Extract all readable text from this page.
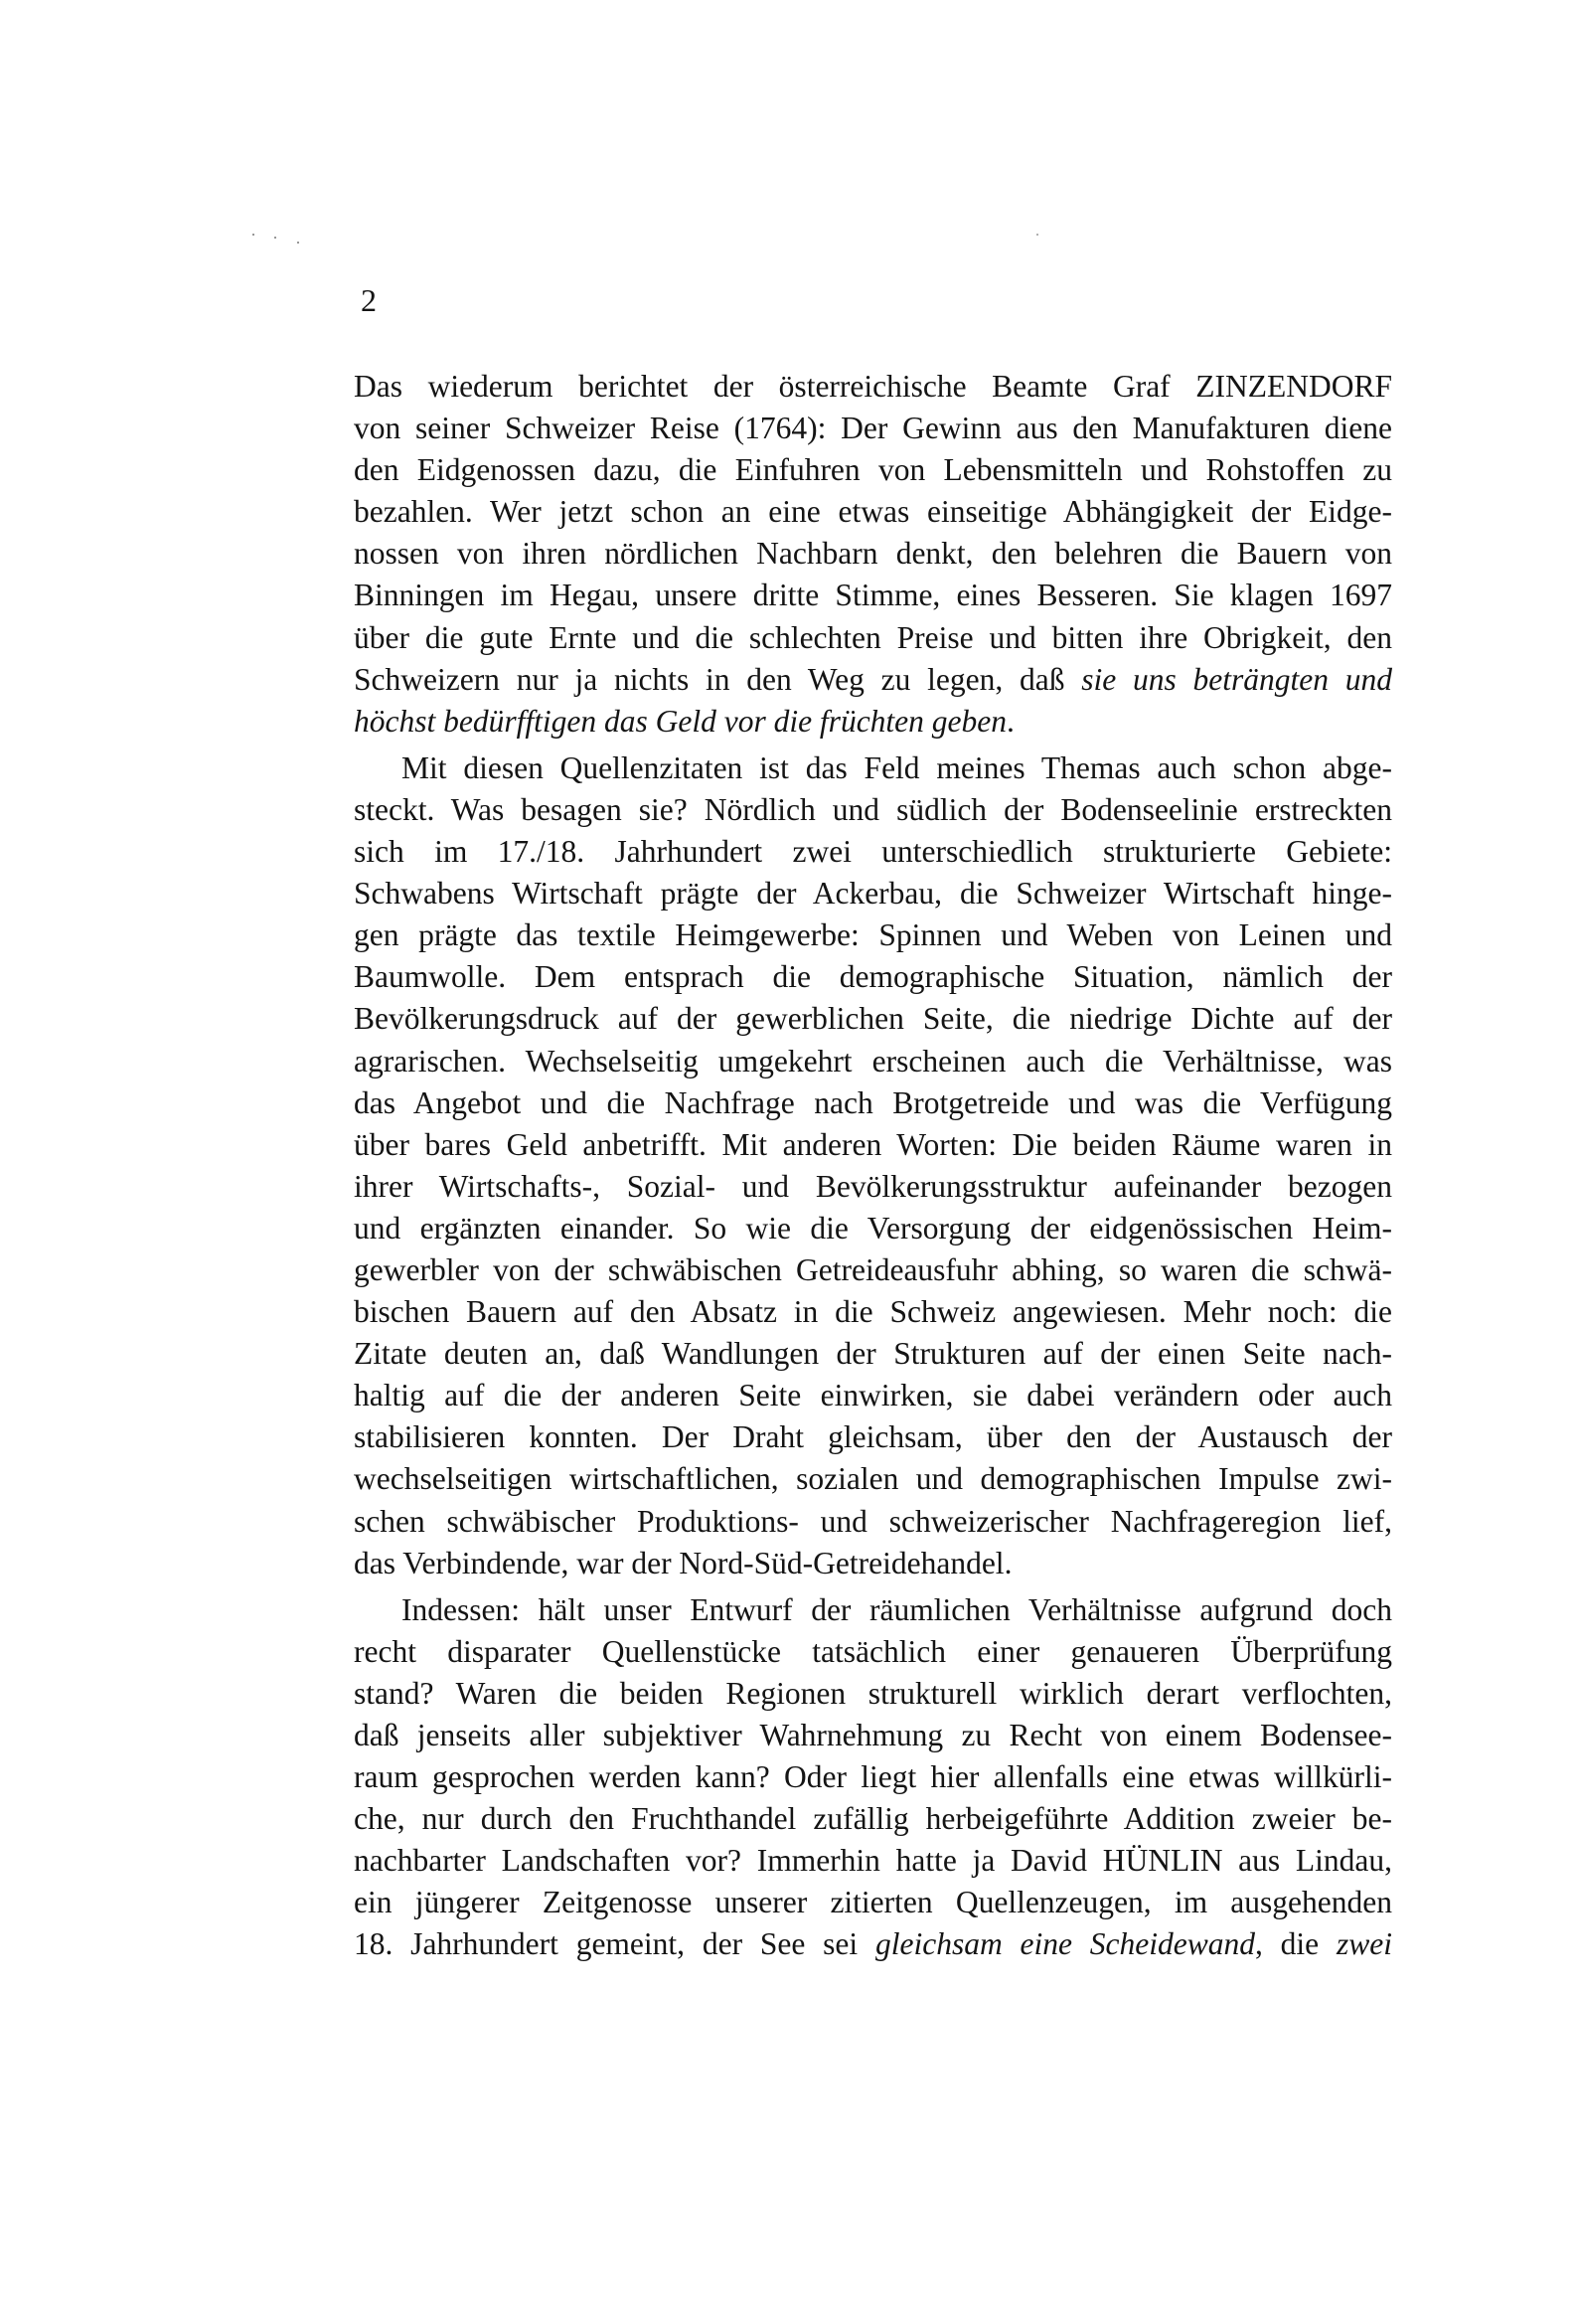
2
Das wiederum berichtet der österreichische Beamte Graf ZINZENDORF
von seiner Schweizer Reise (1764): Der Gewinn aus den Manufakturen diene
den Eidgenossen dazu, die Einfuhren von Lebensmitteln und Rohstoffen zu
bezahlen. Wer jetzt schon an eine etwas einseitige Abhängigkeit der Eidge-
nossen von ihren nördlichen Nachbarn denkt, den belehren die Bauern von
Binningen im Hegau, unsere dritte Stimme, eines Besseren. Sie klagen 1697
über die gute Ernte und die schlechten Preise und bitten ihre Obrigkeit, den
Schweizern nur ja nichts in den Weg zu legen, daß sie uns beträngten und
höchst bedürfftigen das Geld vor die früchten geben.
Mit diesen Quellenzitaten ist das Feld meines Themas auch schon abge-
steckt. Was besagen sie? Nördlich und südlich der Bodenseelinie erstreckten
sich im 17./18. Jahrhundert zwei unterschiedlich strukturierte Gebiete:
Schwabens Wirtschaft prägte der Ackerbau, die Schweizer Wirtschaft hinge-
gen prägte das textile Heimgewerbe: Spinnen und Weben von Leinen und
Baumwolle. Dem entsprach die demographische Situation, nämlich der
Bevölkerungsdruck auf der gewerblichen Seite, die niedrige Dichte auf der
agrarischen. Wechselseitig umgekehrt erscheinen auch die Verhältnisse, was
das Angebot und die Nachfrage nach Brotgetreide und was die Verfügung
über bares Geld anbetrifft. Mit anderen Worten: Die beiden Räume waren in
ihrer Wirtschafts-, Sozial- und Bevölkerungsstruktur aufeinander bezogen
und ergänzten einander. So wie die Versorgung der eidgenössischen Heim-
gewerbler von der schwäbischen Getreideausfuhr abhing, so waren die schwä-
bischen Bauern auf den Absatz in die Schweiz angewiesen. Mehr noch: die
Zitate deuten an, daß Wandlungen der Strukturen auf der einen Seite nach-
haltig auf die der anderen Seite einwirken, sie dabei verändern oder auch
stabilisieren konnten. Der Draht gleichsam, über den der Austausch der
wechselseitigen wirtschaftlichen, sozialen und demographischen Impulse zwi-
schen schwäbischer Produktions- und schweizerischer Nachfrageregion lief,
das Verbindende, war der Nord-Süd-Getreidehandel.
Indessen: hält unser Entwurf der räumlichen Verhältnisse aufgrund doch
recht disparater Quellenstücke tatsächlich einer genaueren Überprüfung
stand? Waren die beiden Regionen strukturell wirklich derart verflochten,
daß jenseits aller subjektiver Wahrnehmung zu Recht von einem Bodensee-
raum gesprochen werden kann? Oder liegt hier allenfalls eine etwas willkürli-
che, nur durch den Fruchthandel zufällig herbeigeführte Addition zweier be-
nachbarter Landschaften vor? Immerhin hatte ja David HÜNLIN aus Lindau,
ein jüngerer Zeitgenosse unserer zitierten Quellenzeugen, im ausgehenden
18. Jahrhundert gemeint, der See sei gleichsam eine Scheidewand, die zwei
